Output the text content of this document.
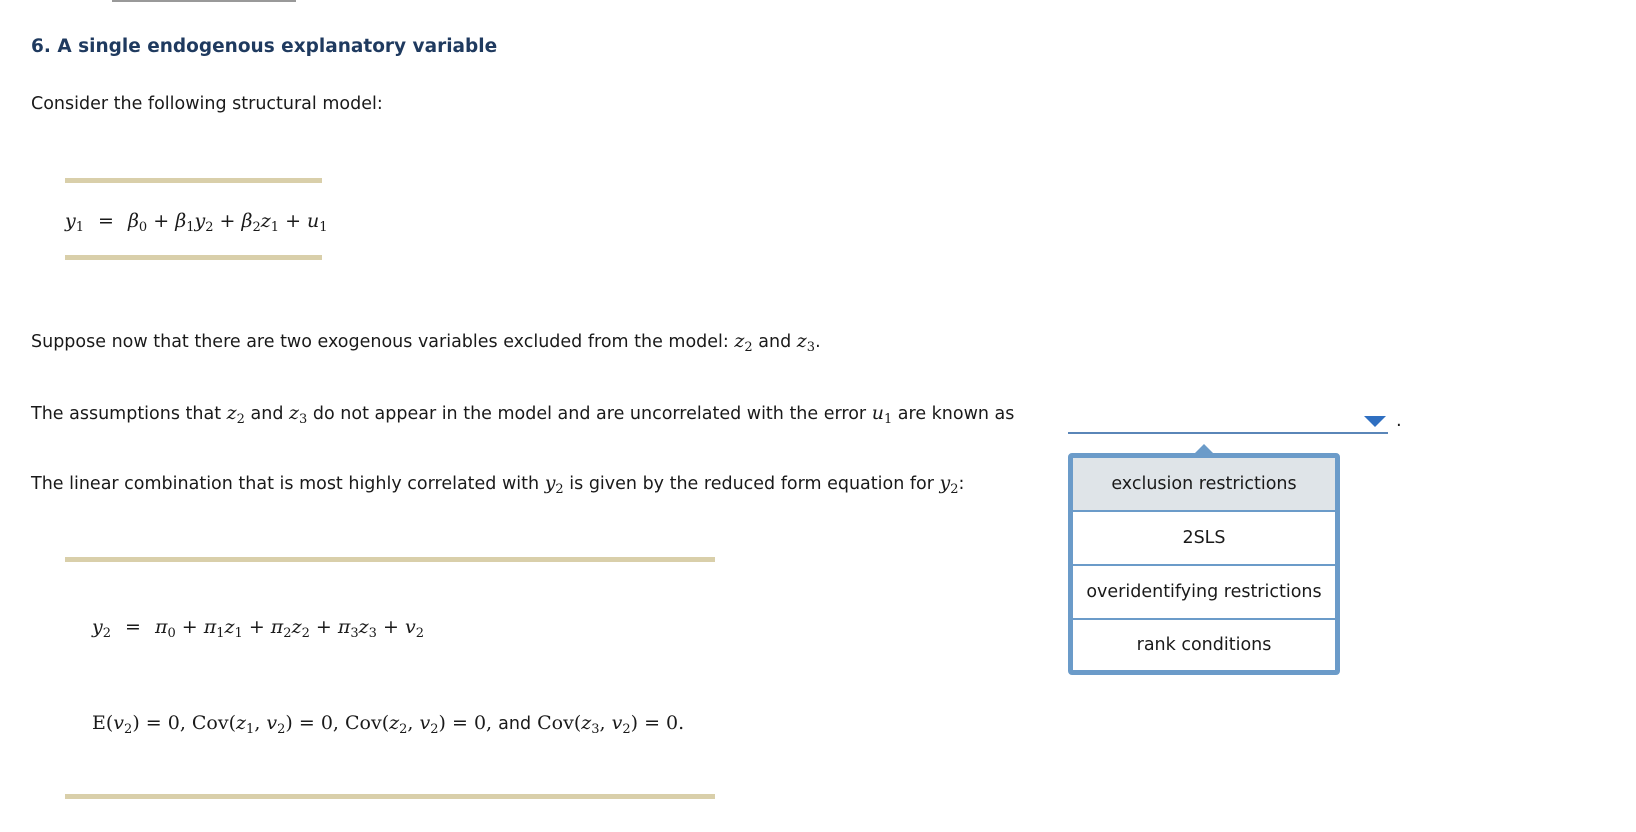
6. A single endogenous explanatory variable
Consider the following structural model:
$y_1 = \beta_0 + \beta_1y_2 + \beta_2z_1 + u_1$
Suppose now that there are two exogenous variables excluded from the model: $z_2$ and $z_3$.
The assumptions that $z_2$ and $z_3$ do not appear in the model and are uncorrelated with the error $u_1$ are known as	.
exclusion restrictions
2SLS
overidentifying restrictions
rank conditions
The linear combination that is most highly correlated with $y_2$ is given by the reduced form equation for $y_2$:
$y_2 = \pi_0 + \pi_1z_1 + \pi_2z_2 + \pi_3z_3 + v_2$
$E(v_2) = 0$, $Cov(z_1$, $v_2) = 0$, $Cov(z_2$, $v_2) = 0$, and $Cov(z_3$, $v_2) = 0$.
